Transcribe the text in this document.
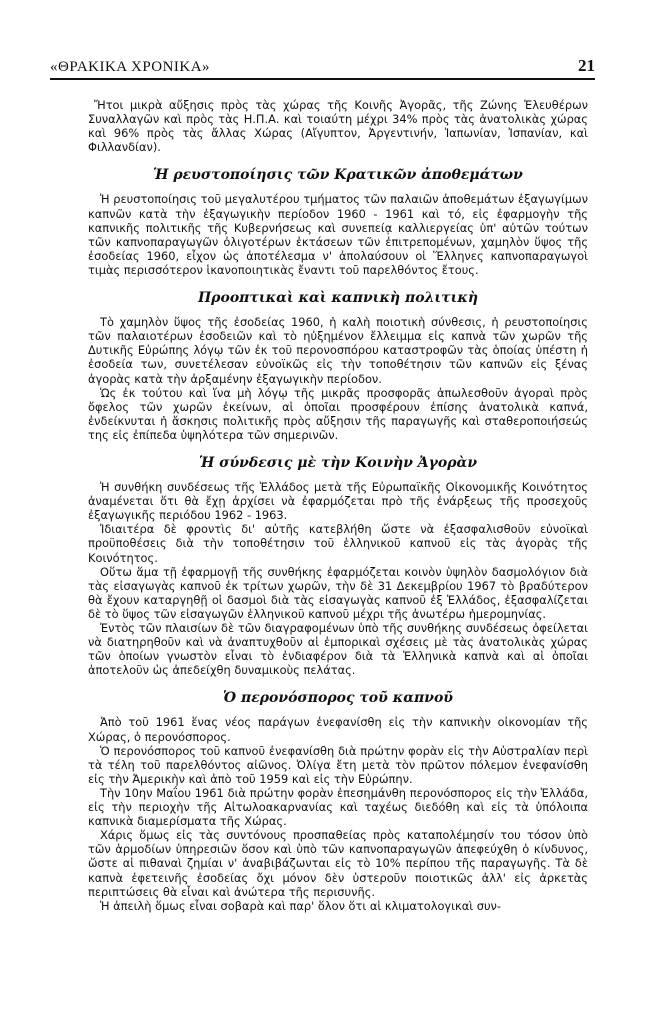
«ΘΡΑΚΙΚΑ ΧΡΟΝΙΚΑ»	21

Ἤτοι μικρὰ αὔξησις πρὸς τὰς χώρας τῆς Κοινῆς Ἀγορᾶς, τῆς Ζώνης Ἐλευθέρων Συναλλαγῶν καὶ πρὸς τὰς Η.Π.Α. καὶ τοιαύτη μέχρι 34% πρὸς τὰς ἀνατολικὰς χώρας καὶ 96% πρὸς τὰς ἄλλας Χώρας (Αἴγυπτον, Ἀργεντινήν, Ἰαπωνίαν, Ἰσπανίαν, καὶ Φιλλανδίαν).

Ἡ ρευστοποίησις τῶν Κρατικῶν ἀποθεμάτων

Ἡ ρευστοποίησις τοῦ μεγαλυτέρου τμήματος τῶν παλαιῶν ἀποθεμάτων ἐξαγωγίμων καπνῶν κατὰ τὴν ἐξαγωγικὴν περίοδον 1960 - 1961 καὶ τό, εἰς ἐφαρμογὴν τῆς καπνικῆς πολιτικῆς τῆς Κυβερνήσεως καὶ συνεπείᾳ καλλιεργείας ὑπ' αὐτῶν τούτων τῶν καπνοπαραγωγῶν ὀλιγοτέρων ἐκτάσεων τῶν ἐπιτρεπομένων, χαμηλὸν ὕψος τῆς ἐσοδείας 1960, εἶχον ὡς ἀποτέλεσμα ν' ἀπολαύσουν οἱ Ἕλληνες καπνοπαραγωγοὶ τιμὰς περισσότερον ἱκανοποιητικὰς ἔναντι τοῦ παρελθόντος ἔτους.

Προοπτικαὶ καὶ καπνικὴ πολιτικὴ

Τὸ χαμηλὸν ὕψος τῆς ἐσοδείας 1960, ἡ καλὴ ποιοτικὴ σύνθεσις, ἡ ρευστοποίησις τῶν παλαιοτέρων ἐσοδειῶν καὶ τὸ ηὐξημένον ἔλλειμμα εἰς καπνὰ τῶν χωρῶν τῆς Δυτικῆς Εὐρώπης λόγῳ τῶν ἐκ τοῦ περονοσπόρου καταστροφῶν τὰς ὁποίας ὑπέστη ἡ ἐσοδεία των, συνετέλεσαν εὐνοϊκῶς εἰς τὴν τοποθέτησιν τῶν καπνῶν εἰς ξένας ἀγορὰς κατὰ τὴν ἀρξαμένην ἐξαγωγικὴν περίοδον.

Ὡς ἐκ τούτου καὶ ἵνα μὴ λόγῳ τῆς μικρᾶς προσφορᾶς ἀπωλεσθοῦν ἀγοραὶ πρὸς ὄφελος τῶν χωρῶν ἐκείνων, αἱ ὁποῖαι προσφέρουν ἐπίσης ἀνατολικὰ καπνά, ἐνδείκνυται ἡ ἄσκησις πολιτικῆς πρὸς αὔξησιν τῆς παραγωγῆς καὶ σταθεροποιήσεώς της εἰς ἐπίπεδα ὑψηλότερα τῶν σημερινῶν.

Ἡ σύνδεσις μὲ τὴν Κοινὴν Ἀγορὰν

Ἡ συνθήκη συνδέσεως τῆς Ἑλλάδος μετὰ τῆς Εὐρωπαϊκῆς Οἰκονομικῆς Κοινότητος ἀναμένεται ὅτι θὰ ἔχῃ ἀρχίσει νὰ ἐφαρμόζεται πρὸ τῆς ἐνάρξεως τῆς προσεχοῦς ἐξαγωγικῆς περιόδου 1962 - 1963.

Ἰδιαιτέρα δὲ φροντὶς δι' αὐτῆς κατεβλήθη ὥστε νὰ ἐξασφαλισθοῦν εὐνοϊκαὶ προϋποθέσεις διὰ τὴν τοποθέτησιν τοῦ ἑλληνικοῦ καπνοῦ εἰς τὰς ἀγορὰς τῆς Κοινότητος.

Οὕτω ἅμα τῇ ἐφαρμογῇ τῆς συνθήκης ἐφαρμόζεται κοινὸν ὑψηλὸν δασμολόγιον διὰ τὰς εἰσαγωγὰς καπνοῦ ἐκ τρίτων χωρῶν, τὴν δὲ 31 Δεκεμβρίου 1967 τὸ βραδύτερον θὰ ἔχουν καταργηθῇ οἱ δασμοὶ διὰ τὰς εἰσαγωγὰς καπνοῦ ἐξ Ἑλλάδος, ἐξασφαλίζεται δὲ τὸ ὕψος τῶν εἰσαγωγῶν ἑλληνικοῦ καπνοῦ μέχρι τῆς ἀνωτέρω ἡμερομηνίας.

Ἐντὸς τῶν πλαισίων δὲ τῶν διαγραφομένων ὑπὸ τῆς συνθήκης συνδέσεως ὀφείλεται νὰ διατηρηθοῦν καὶ νὰ ἀναπτυχθοῦν αἱ ἐμπορικαὶ σχέσεις μὲ τὰς ἀνατολικὰς χώρας τῶν ὁποίων γνωστὸν εἶναι τὸ ἐνδιαφέρον διὰ τὰ Ἑλληνικὰ καπνὰ καὶ αἱ ὁποῖαι ἀποτελοῦν ὡς ἀπεδείχθη δυναμικοὺς πελάτας.

Ὁ περονόσπορος τοῦ καπνοῦ

Ἀπὸ τοῦ 1961 ἕνας νέος παράγων ἐνεφανίσθη εἰς τὴν καπνικὴν οἰκονομίαν τῆς Χώρας, ὁ περονόσπορος.

Ὁ περονόσπορος τοῦ καπνοῦ ἐνεφανίσθη διὰ πρώτην φορὰν εἰς τὴν Αὐστραλίαν περὶ τὰ τέλη τοῦ παρελθόντος αἰῶνος. Ὀλίγα ἔτη μετὰ τὸν πρῶτον πόλεμον ἐνεφανίσθη εἰς τὴν Ἀμερικὴν καὶ ἀπὸ τοῦ 1959 καὶ εἰς τὴν Εὐρώπην.

Τὴν 10ην Μαΐου 1961 διὰ πρώτην φορὰν ἐπεσημάνθη περονόσπορος εἰς τὴν Ἑλλάδα, εἰς τὴν περιοχὴν τῆς Αἰτωλοακαρνανίας καὶ ταχέως διεδόθη καὶ εἰς τὰ ὑπόλοιπα καπνικὰ διαμερίσματα τῆς Χώρας.

Χάρις ὅμως εἰς τὰς συντόνους προσπαθείας πρὸς καταπολέμησίν του τόσον ὑπὸ τῶν ἁρμοδίων ὑπηρεσιῶν ὅσον καὶ ὑπὸ τῶν καπνοπαραγωγῶν ἀπεφεύχθη ὁ κίνδυνος, ὥστε αἱ πιθαναὶ ζημίαι ν' ἀναβιβάζωνται εἰς τὸ 10% περίπου τῆς παραγωγῆς. Τὰ δὲ καπνὰ ἐφετεινῆς ἐσοδείας ὄχι μόνον δὲν ὑστεροῦν ποιοτικῶς ἀλλ' εἰς ἀρκετὰς περιπτώσεις θὰ εἶναι καὶ ἀνώτερα τῆς περισυνῆς.

Ἡ ἀπειλὴ ὅμως εἶναι σοβαρὰ καὶ παρ' ὅλον ὅτι αἱ κλιματολογικαὶ συν-
